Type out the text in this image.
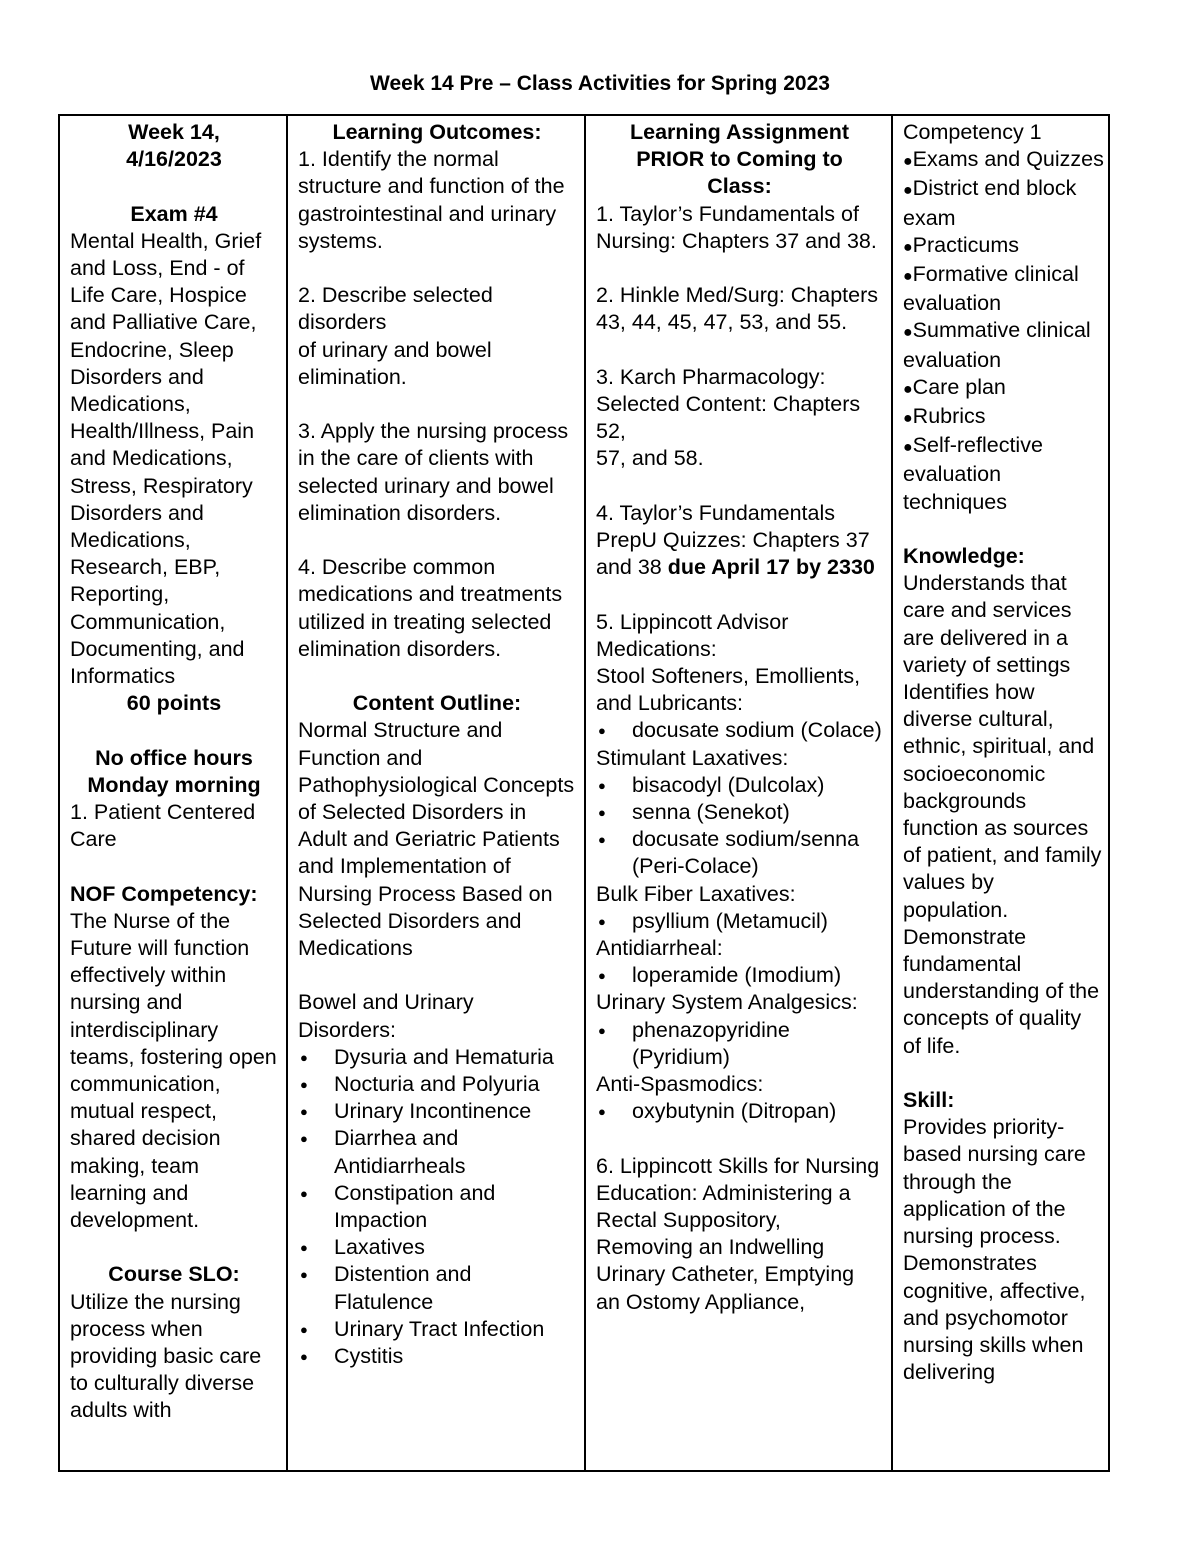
Week 14 Pre – Class Activities for Spring 2023
Week 14,
4/16/2023
Exam #4
Mental Health, Grief and Loss, End - of Life Care, Hospice and Palliative Care, Endocrine, Sleep Disorders and Medications, Health/Illness, Pain and Medications, Stress, Respiratory Disorders and Medications, Research, EBP, Reporting, Communication, Documenting, and Informatics
60 points
No office hours
Monday morning
1. Patient Centered Care
NOF Competency:
The Nurse of the Future will function effectively within nursing and interdisciplinary teams, fostering open communication, mutual respect, shared decision making, team learning and development.
Course SLO:
Utilize the nursing process when providing basic care to culturally diverse adults with
Learning Outcomes:
1. Identify the normal structure and function of the gastrointestinal and urinary systems.
2. Describe selected disorders
of urinary and bowel elimination.
3. Apply the nursing process in the care of clients with selected urinary and bowel elimination disorders.
4. Describe common medications and treatments utilized in treating selected elimination disorders.
Content Outline:
Normal Structure and Function and Pathophysiological Concepts of Selected Disorders in Adult and Geriatric Patients and Implementation of Nursing Process Based on Selected Disorders and Medications
Bowel and Urinary Disorders:
● Dysuria and Hematuria
● Nocturia and Polyuria
● Urinary Incontinence
● Diarrhea and Antidiarrheals
● Constipation and Impaction
● Laxatives
● Distention and Flatulence
● Urinary Tract Infection
● Cystitis
Learning Assignment
PRIOR to Coming to
Class:
1. Taylor’s Fundamentals of Nursing: Chapters 37 and 38.
2. Hinkle Med/Surg: Chapters 43, 44, 45, 47, 53, and 55.
3. Karch Pharmacology: Selected Content: Chapters 52,
57, and 58.
4. Taylor’s Fundamentals PrepU Quizzes: Chapters 37 and 38 due April 17 by 2330
5. Lippincott Advisor Medications:
Stool Softeners, Emollients, and Lubricants:
● docusate sodium (Colace)
Stimulant Laxatives:
● bisacodyl (Dulcolax)
● senna (Senekot)
● docusate sodium/senna (Peri-Colace)
Bulk Fiber Laxatives:
● psyllium (Metamucil)
Antidiarrheal:
● loperamide (Imodium)
Urinary System Analgesics:
● phenazopyridine (Pyridium)
Anti-Spasmodics:
● oxybutynin (Ditropan)
6. Lippincott Skills for Nursing Education: Administering a Rectal Suppository, Removing an Indwelling Urinary Catheter, Emptying an Ostomy Appliance,
Competency 1
● Exams and Quizzes
● District end block exam
● Practicums
● Formative clinical evaluation
● Summative clinical evaluation
● Care plan
● Rubrics
● Self-reflective evaluation techniques
Knowledge:
Understands that care and services are delivered in a variety of settings Identifies how diverse cultural, ethnic, spiritual, and socioeconomic backgrounds function as sources of patient, and family values by population. Demonstrate fundamental understanding of the concepts of quality of life.
Skill:
Provides priority-based nursing care through the application of the nursing process. Demonstrates cognitive, affective, and psychomotor nursing skills when delivering
